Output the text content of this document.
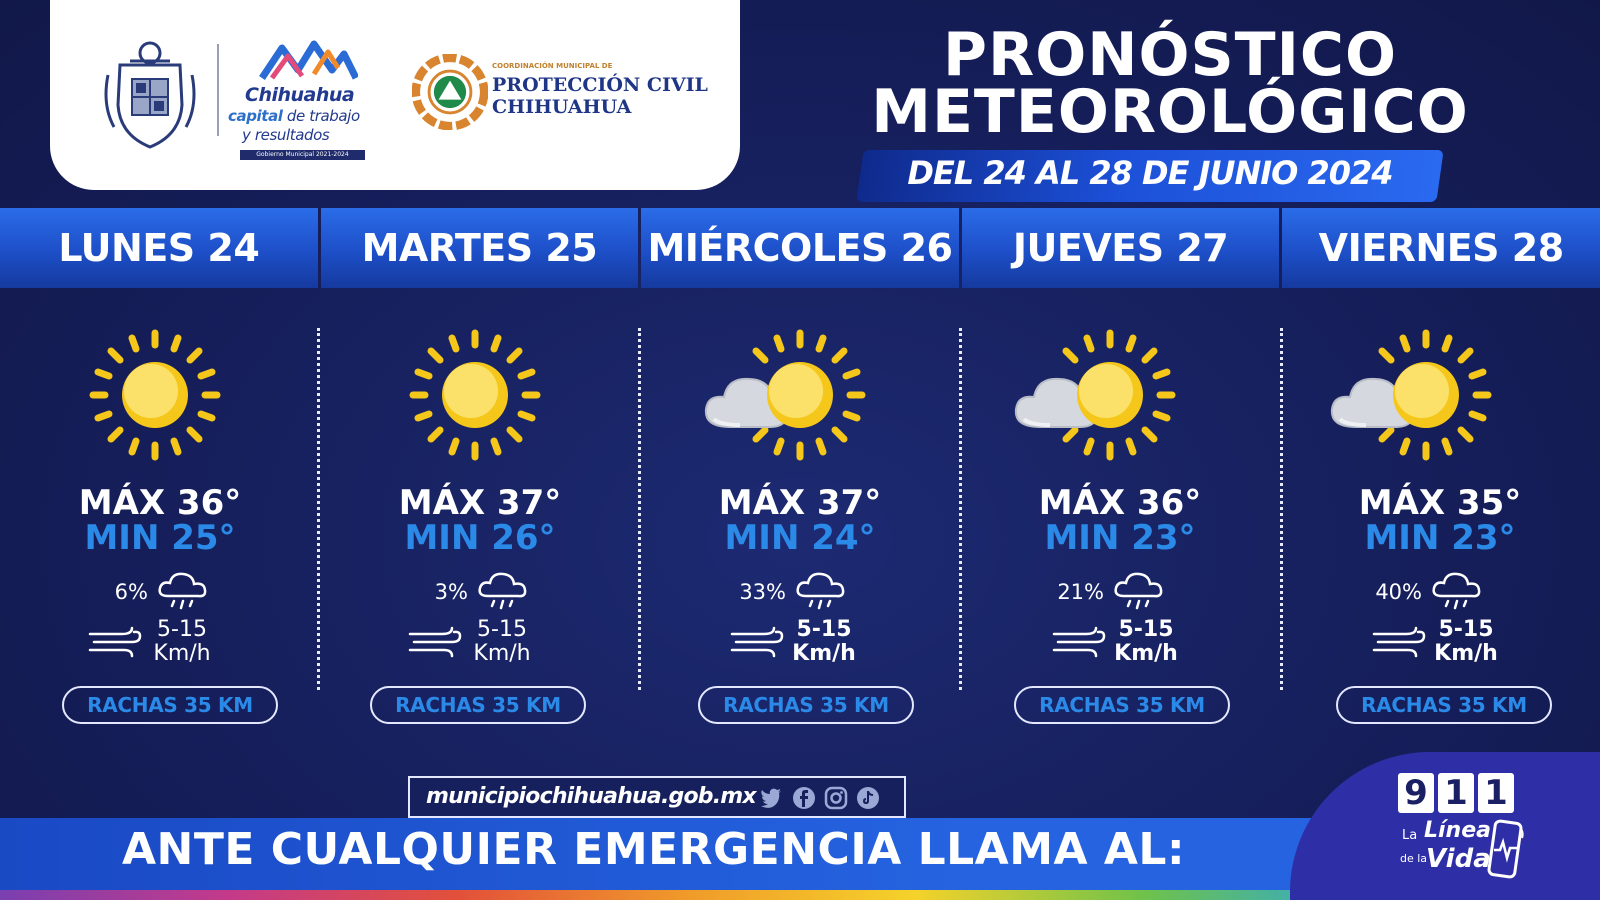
Chihuahua
capital de trabajo
y resultados
Gobierno Municipal 2021-2024
COORDINACIÓN MUNICIPAL DE
PROTECCIÓN CIVIL
CHIHUAHUA
PRONÓSTICO
METEOROLÓGICO
DEL 24 AL 28 DE JUNIO 2024
LUNES 24	MARTES 25	MIÉRCOLES 26	JUEVES 27	VIERNES 28
MÁX 36°
MIN 25°
6%
5-15
Km/h
RACHAS 35 KM
MÁX 37°
MIN 26°
3%
5-15
Km/h
RACHAS 35 KM
MÁX 37°
MIN 24°
33%
5-15
Km/h
RACHAS 35 KM
MÁX 36°
MIN 23°
21%
5-15
Km/h
RACHAS 35 KM
MÁX 35°
MIN 23°
40%
5-15
Km/h
RACHAS 35 KM
municipiochihuahua.gob.mx
ANTE CUALQUIER EMERGENCIA LLAMA AL:
9 1 1
La Línea
de la
Vida
